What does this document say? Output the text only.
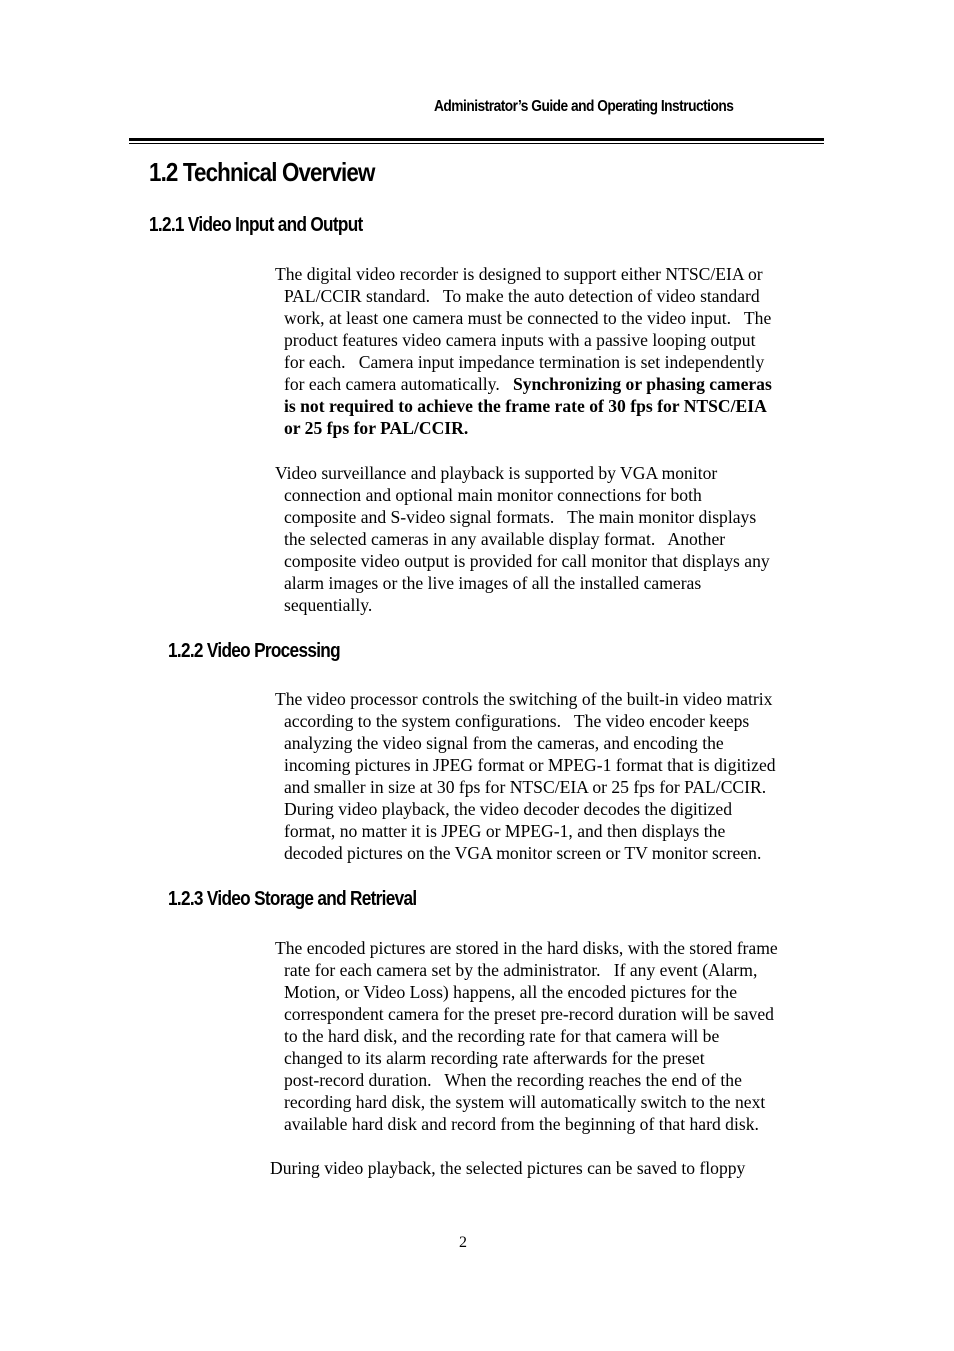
Administrator’s Guide and Operating Instructions
1.2 Technical Overview
1.2.1 Video Input and Output

The digital video recorder is designed to support either NTSC/EIA or
PAL/CCIR standard.   To make the auto detection of video standard
work, at least one camera must be connected to the video input.   The
product features video camera inputs with a passive looping output
for each.   Camera input impedance termination is set independently
for each camera automatically. Synchronizing or phasing cameras
is not required to achieve the frame rate of 30 fps for NTSC/EIA
or 25 fps for PAL/CCIR.

Video surveillance and playback is supported by VGA monitor
connection and optional main monitor connections for both
composite and S-video signal formats.   The main monitor displays
the selected cameras in any available display format.   Another
composite video output is provided for call monitor that displays any
alarm images or the live images of all the installed cameras
sequentially.

1.2.2 Video Processing

The video processor controls the switching of the built-in video matrix
according to the system configurations.   The video encoder keeps
analyzing the video signal from the cameras, and encoding the
incoming pictures in JPEG format or MPEG-1 format that is digitized
and smaller in size at 30 fps for NTSC/EIA or 25 fps for PAL/CCIR.
During video playback, the video decoder decodes the digitized
format, no matter it is JPEG or MPEG-1, and then displays the
decoded pictures on the VGA monitor screen or TV monitor screen.

1.2.3 Video Storage and Retrieval

The encoded pictures are stored in the hard disks, with the stored frame
rate for each camera set by the administrator.   If any event (Alarm,
Motion, or Video Loss) happens, all the encoded pictures for the
correspondent camera for the preset pre-record duration will be saved
to the hard disk, and the recording rate for that camera will be
changed to its alarm recording rate afterwards for the preset
post-record duration.   When the recording reaches the end of the
recording hard disk, the system will automatically switch to the next
available hard disk and record from the beginning of that hard disk.

During video playback, the selected pictures can be saved to floppy

2
